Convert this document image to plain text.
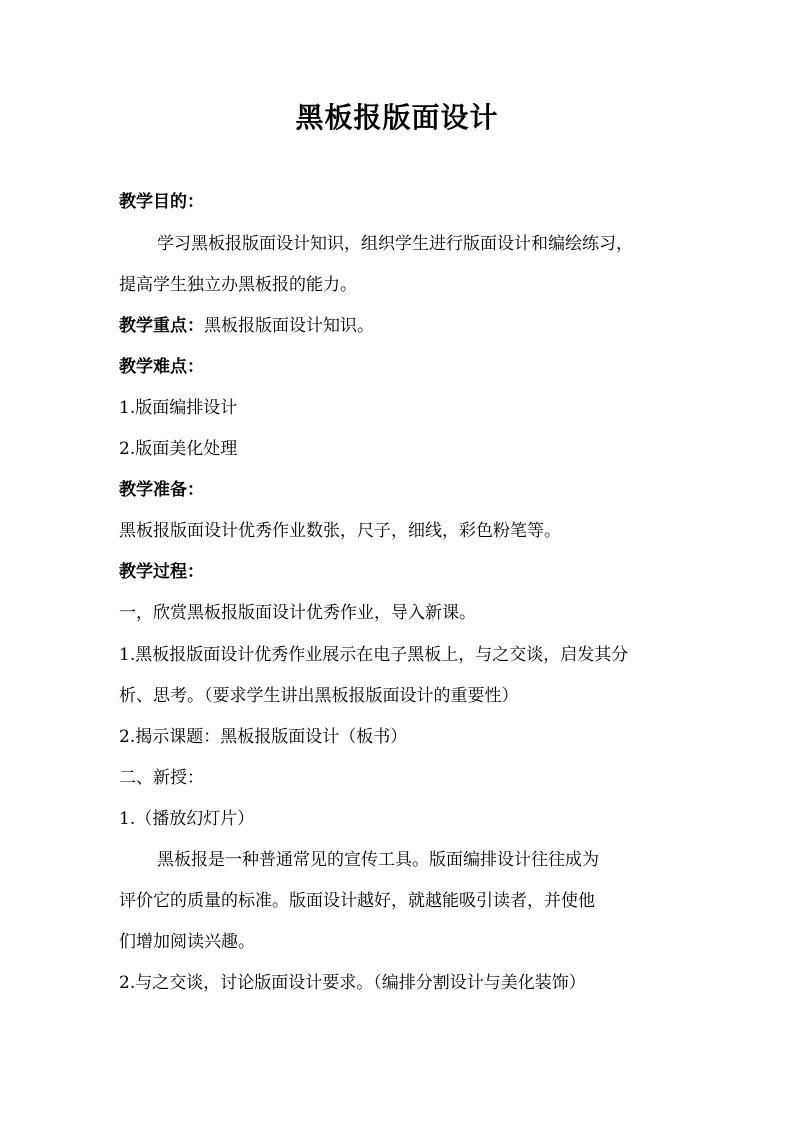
黑板报版面设计
教学目的：
学习黑板报版面设计知识，组织学生进行版面设计和编绘练习，
提高学生独立办黑板报的能力。
教学重点：黑板报版面设计知识。
教学难点：
1.版面编排设计
2.版面美化处理
教学准备：
黑板报版面设计优秀作业数张，尺子，细线，彩色粉笔等。
教学过程：
一，欣赏黑板报版面设计优秀作业，导入新课。
1.黑板报版面设计优秀作业展示在电子黑板上，与之交谈，启发其分
析、思考。（要求学生讲出黑板报版面设计的重要性）
2.揭示课题：黑板报版面设计（板书）
二、新授：
1.（播放幻灯片）
黑板报是一种普通常见的宣传工具。版面编排设计往往成为
评价它的质量的标准。版面设计越好，就越能吸引读者，并使他
们增加阅读兴趣。
2.与之交谈，讨论版面设计要求。（编排分割设计与美化装饰）
